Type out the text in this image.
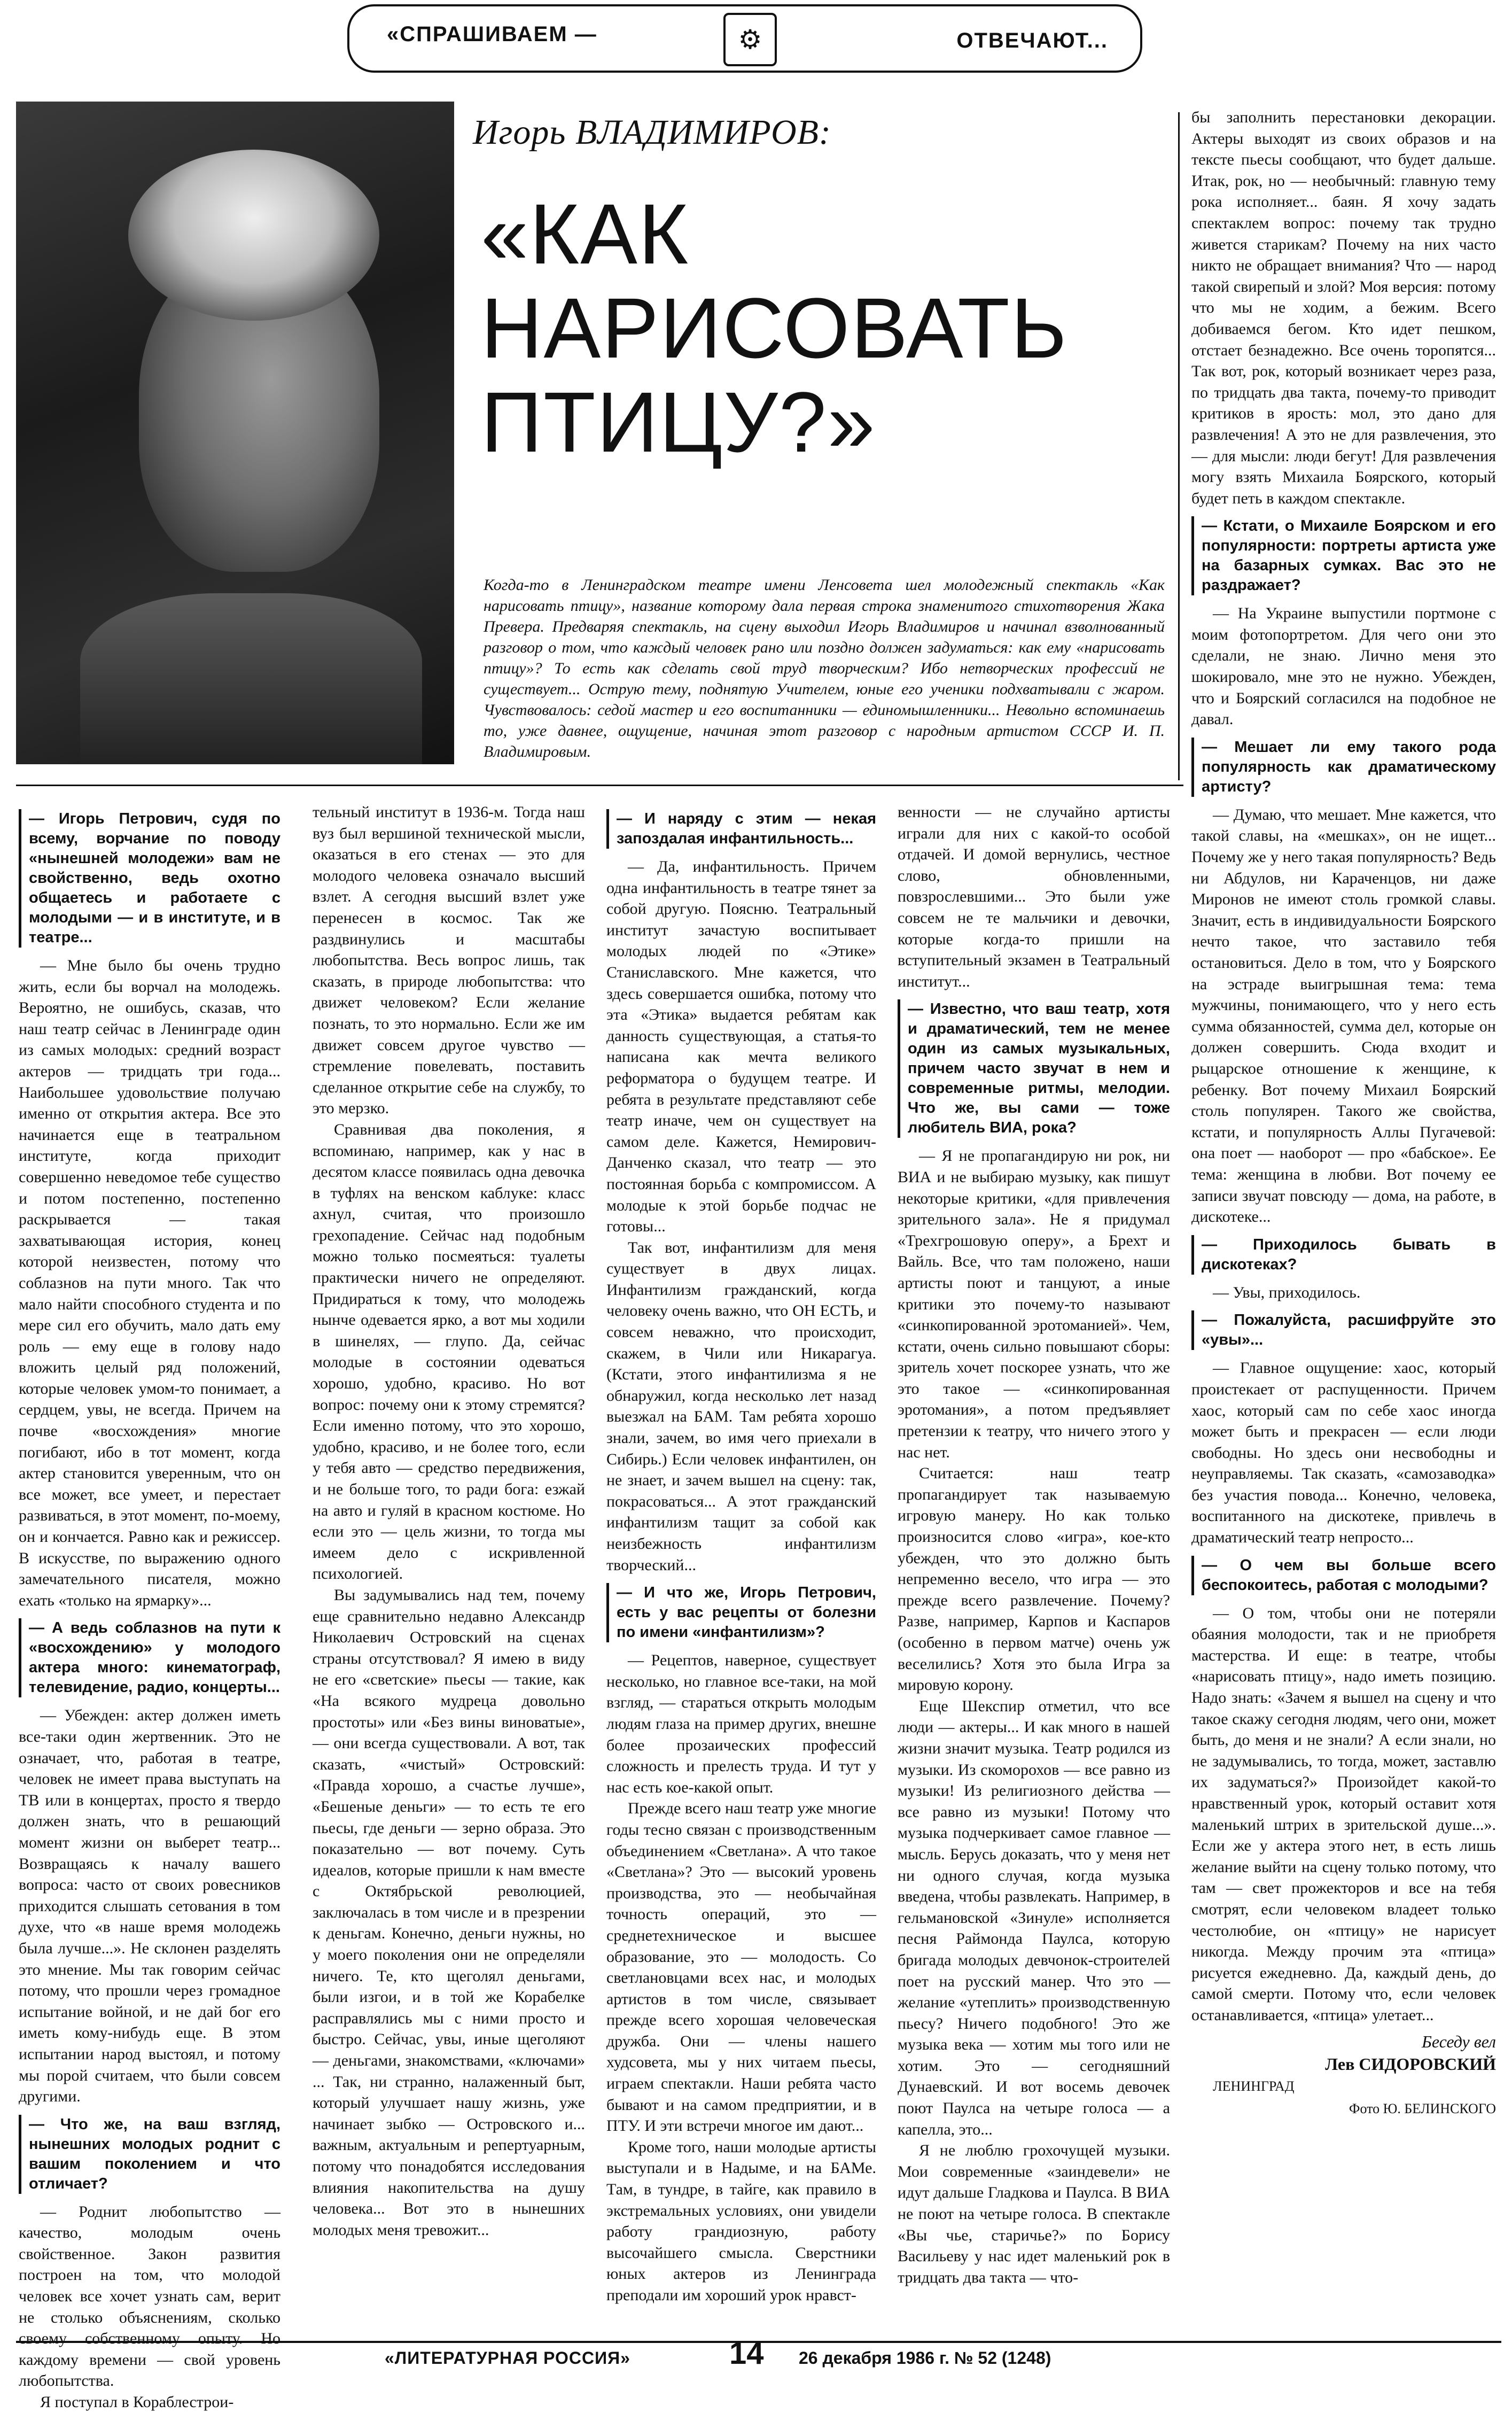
«СПРАШИВАЕМ —	⚙	ОТВЕЧАЮТ...
Игорь ВЛАДИМИРОВ:
«КАК
НАРИСОВАТЬ
ПТИЦУ?»
Когда-то в Ленинградском театре имени Ленсовета шел молодежный спектакль «Как нарисовать птицу», название которому дала первая строка знаменитого стихотворения Жака Превера. Предваряя спектакль, на сцену выходил Игорь Владимиров и начинал взволнованный разговор о том, что каждый человек рано или поздно должен задуматься: как ему «нарисовать птицу»? То есть как сделать свой труд творческим? Ибо нетворческих профессий не существует... Острую тему, поднятую Учителем, юные его ученики подхватывали с жаром. Чувствовалось: седой мастер и его воспитанники — единомышленники... Невольно вспоминаешь то, уже давнее, ощущение, начиная этот разговор с народным артистом СССР И. П. Владимировым.
— Игорь Петрович, судя по всему, ворчание по поводу «нынешней молодежи» вам не свойственно, ведь охотно общаетесь и работаете с молодыми — и в институте, и в театре...

— Мне было бы очень трудно жить, если бы ворчал на молодежь. Вероятно, не ошибусь, сказав, что наш театр сейчас в Ленинграде один из самых молодых: средний возраст актеров — тридцать три года... Наибольшее удовольствие получаю именно от открытия актера. Все это начинается еще в театральном институте, когда приходит совершенно неведомое тебе существо и потом постепенно, постепенно раскрывается — такая захватывающая история, конец которой неизвестен, потому что соблазнов на пути много. Так что мало найти способного студента и по мере сил его обучить, мало дать ему роль — ему еще в голову надо вложить целый ряд положений, которые человек умом-то понимает, а сердцем, увы, не всегда. Причем на почве «восхождения» многие погибают, ибо в тот момент, когда актер становится уверенным, что он все может, все умеет, и перестает развиваться, в этот момент, по-моему, он и кончается. Равно как и режиссер. В искусстве, по выражению одного замечательного писателя, можно ехать «только на ярмарку»...

— А ведь соблазнов на пути к «восхождению» у молодого актера много: кинематограф, телевидение, радио, концерты...

— Убежден: актер должен иметь все-таки один жертвенник. Это не означает, что, работая в театре, человек не имеет права выступать на ТВ или в концертах, просто я твердо должен знать, что в решающий момент жизни он выберет театр... Возвращаясь к началу вашего вопроса: часто от своих ровесников приходится слышать сетования в том духе, что «в наше время молодежь была лучше...». Не склонен разделять это мнение. Мы так говорим сейчас потому, что прошли через громадное испытание войной, и не дай бог его иметь кому-нибудь еще. В этом испытании народ выстоял, и потому мы порой считаем, что были совсем другими.

— Что же, на ваш взгляд, нынешних молодых роднит с вашим поколением и что отличает?

— Роднит любопытство — качество, молодым очень свойственное. Закон развития построен на том, что молодой человек все хочет узнать сам, верит не столько объяснениям, сколько своему собственному опыту. Но каждому времени — свой уровень любопытства.

Я поступал в Кораблестрои-

тельный институт в 1936-м. Тогда наш вуз был вершиной технической мысли, оказаться в его стенах — это для молодого человека означало высший взлет. А сегодня высший взлет уже перенесен в космос. Так же раздвинулись и масштабы любопытства. Весь вопрос лишь, так сказать, в природе любопытства: что движет человеком? Если желание познать, то это нормально. Если же им движет совсем другое чувство — стремление повелевать, поставить сделанное открытие себе на службу, то это мерзко.

Сравнивая два поколения, я вспоминаю, например, как у нас в десятом классе появилась одна девочка в туфлях на венском каблуке: класс ахнул, считая, что произошло грехопадение. Сейчас над подобным можно только посмеяться: туалеты практически ничего не определяют. Придираться к тому, что молодежь нынче одевается ярко, а вот мы ходили в шинелях, — глупо. Да, сейчас молодые в состоянии одеваться хорошо, удобно, красиво. Но вот вопрос: почему они к этому стремятся? Если именно потому, что это хорошо, удобно, красиво, и не более того, если у тебя авто — средство передвижения, и не больше того, то ради бога: езжай на авто и гуляй в красном костюме. Но если это — цель жизни, то тогда мы имеем дело с искривленной психологией.

Вы задумывались над тем, почему еще сравнительно недавно Александр Николаевич Островский на сценах страны отсутствовал? Я имею в виду не его «светские» пьесы — такие, как «На всякого мудреца довольно простоты» или «Без вины виноватые», — они всегда существовали. А вот, так сказать, «чистый» Островский: «Правда хорошо, а счастье лучше», «Бешеные деньги» — то есть те его пьесы, где деньги — зерно образа. Это показательно — вот почему. Суть идеалов, которые пришли к нам вместе с Октябрьской революцией, заключалась в том числе и в презрении к деньгам. Конечно, деньги нужны, но у моего поколения они не определяли ничего. Те, кто щеголял деньгами, были изгои, и в той же Корабелке расправлялись мы с ними просто и быстро. Сейчас, увы, иные щеголяют — деньгами, знакомствами, «ключами» ... Так, ни странно, налаженный быт, который улучшает нашу жизнь, уже начинает зыбко — Островского и... важным, актуальным и репертуарным, потому что понадобятся исследования влияния накопительства на душу человека... Вот это в нынешних молодых меня тревожит...

— И наряду с этим — некая запоздалая инфантильность...

— Да, инфантильность. Причем одна инфантильность в театре тянет за собой другую. Поясню. Театральный институт зачастую воспитывает молодых людей по «Этике» Станиславского. Мне кажется, что здесь совершается ошибка, потому что эта «Этика» выдается ребятам как данность существующая, а статья-то написана как мечта великого реформатора о будущем театре. И ребята в результате представляют себе театр иначе, чем он существует на самом деле. Кажется, Немирович-Данченко сказал, что театр — это постоянная борьба с компромиссом. А молодые к этой борьбе подчас не готовы...

Так вот, инфантилизм для меня существует в двух лицах. Инфантилизм гражданский, когда человеку очень важно, что ОН ЕСТЬ, и совсем неважно, что происходит, скажем, в Чили или Никарагуа. (Кстати, этого инфантилизма я не обнаружил, когда несколько лет назад выезжал на БАМ. Там ребята хорошо знали, зачем, во имя чего приехали в Сибирь.) Если человек инфантилен, он не знает, и зачем вышел на сцену: так, покрасоваться... А этот гражданский инфантилизм тащит за собой как неизбежность инфантилизм творческий...

— И что же, Игорь Петрович, есть у вас рецепты от болезни по имени «инфантилизм»?

— Рецептов, наверное, существует несколько, но главное все-таки, на мой взгляд, — стараться открыть молодым людям глаза на пример других, внешне более прозаических профессий сложность и прелесть труда. И тут у нас есть кое-какой опыт.

Прежде всего наш театр уже многие годы тесно связан с производственным объединением «Светлана». А что такое «Светлана»? Это — высокий уровень производства, это — необычайная точность операций, это — среднетехническое и высшее образование, это — молодость. Со светлановцами всех нас, и молодых артистов в том числе, связывает прежде всего хорошая человеческая дружба. Они — члены нашего худсовета, мы у них читаем пьесы, играем спектакли. Наши ребята часто бывают и на самом предприятии, и в ПТУ. И эти встречи многое им дают...

Кроме того, наши молодые артисты выступали и в Надыме, и на БАМе. Там, в тундре, в тайге, как правило в экстремальных условиях, они увидели работу грандиозную, работу высочайшего смысла. Сверстники юных актеров из Ленинграда преподали им хороший урок нравст-

венности — не случайно артисты играли для них с какой-то особой отдачей. И домой вернулись, честное слово, обновленными, повзрослевшими... Это были уже совсем не те мальчики и девочки, которые когда-то пришли на вступительный экзамен в Театральный институт...

— Известно, что ваш театр, хотя и драматический, тем не менее один из самых музыкальных, причем часто звучат в нем и современные ритмы, мелодии. Что же, вы сами — тоже любитель ВИА, рока?

— Я не пропагандирую ни рок, ни ВИА и не выбираю музыку, как пишут некоторые критики, «для привлечения зрительного зала». Не я придумал «Трехгрошовую оперу», а Брехт и Вайль. Все, что там положено, наши артисты поют и танцуют, а иные критики это почему-то называют «синкопированной эротоманией». Чем, кстати, очень сильно повышают сборы: зритель хочет поскорее узнать, что же это такое — «синкопированная эротомания», а потом предъявляет претензии к театру, что ничего этого у нас нет.

Считается: наш театр пропагандирует так называемую игровую манеру. Но как только произносится слово «игра», кое-кто убежден, что это должно быть непременно весело, что игра — это прежде всего развлечение. Почему? Разве, например, Карпов и Каспаров (особенно в первом матче) очень уж веселились? Хотя это была Игра за мировую корону.

Еще Шекспир отметил, что все люди — актеры... И как много в нашей жизни значит музыка. Театр родился из музыки. Из скоморохов — все равно из музыки! Из религиозного действа — все равно из музыки! Потому что музыка подчеркивает самое главное — мысль. Берусь доказать, что у меня нет ни одного случая, когда музыка введена, чтобы развлекать. Например, в гельмановской «Зинуле» исполняется песня Раймонда Паулса, которую бригада молодых девчонок-строителей поет на русский манер. Что это — желание «утеплить» производственную пьесу? Ничего подобного! Это же музыка века — хотим мы того или не хотим. Это — сегодняшний Дунаевский. И вот восемь девочек поют Паулса на четыре голоса — а капелла, это...

Я не люблю грохочущей музыки. Мои современные «заиндевели» не идут дальше Гладкова и Паулса. В ВИА не поют на четыре голоса. В спектакле «Вы чье, старичье?» по Борису Васильеву у нас идет маленький рок в тридцать два такта — что-

бы заполнить перестановки декорации. Актеры выходят из своих образов и на тексте пьесы сообщают, что будет дальше. Итак, рок, но — необычный: главную тему рока исполняет... баян. Я хочу задать спектаклем вопрос: почему так трудно живется старикам? Почему на них часто никто не обращает внимания? Что — народ такой свирепый и злой? Моя версия: потому что мы не ходим, а бежим. Всего добиваемся бегом. Кто идет пешком, отстает безнадежно. Все очень торопятся... Так вот, рок, который возникает через раза, по тридцать два такта, почему-то приводит критиков в ярость: мол, это дано для развлечения! А это не для развлечения, это — для мысли: люди бегут! Для развлечения могу взять Михаила Боярского, который будет петь в каждом спектакле.

— Кстати, о Михаиле Боярском и его популярности: портреты артиста уже на базарных сумках. Вас это не раздражает?

— На Украине выпустили портмоне с моим фотопортретом. Для чего они это сделали, не знаю. Лично меня это шокировало, мне это не нужно. Убежден, что и Боярский согласился на подобное не давал.

— Мешает ли ему такого рода популярность как драматическому артисту?

— Думаю, что мешает. Мне кажется, что такой славы, на «мешках», он не ищет... Почему же у него такая популярность? Ведь ни Абдулов, ни Караченцов, ни даже Миронов не имеют столь громкой славы. Значит, есть в индивидуальности Боярского нечто такое, что заставило тебя остановиться. Дело в том, что у Боярского на эстраде выигрышная тема: тема мужчины, понимающего, что у него есть сумма обязанностей, сумма дел, которые он должен совершить. Сюда входит и рыцарское отношение к женщине, к ребенку. Вот почему Михаил Боярский столь популярен. Такого же свойства, кстати, и популярность Аллы Пугачевой: она поет — наоборот — про «бабское». Ее тема: женщина в любви. Вот почему ее записи звучат повсюду — дома, на работе, в дискотеке...

— Приходилось бывать в дискотеках?

— Увы, приходилось.

— Пожалуйста, расшифруйте это «увы»...

— Главное ощущение: хаос, который проистекает от распущенности. Причем хаос, который сам по себе хаос иногда может быть и прекрасен — если люди свободны. Но здесь они несвободны и неуправляемы. Так сказать, «самозаводка» без участия повода... Конечно, человека, воспитанного на дискотеке, привлечь в драматический театр непросто...

— О чем вы больше всего беспокоитесь, работая с молодыми?

— О том, чтобы они не потеряли обаяния молодости, так и не приобретя мастерства. И еще: в театре, чтобы «нарисовать птицу», надо иметь позицию. Надо знать: «Зачем я вышел на сцену и что такое скажу сегодня людям, чего они, может быть, до меня и не знали? А если знали, но не задумывались, то тогда, может, заставлю их задуматься?» Произойдет какой-то нравственный урок, который оставит хотя маленький штрих в зрительской душе...». Если же у актера этого нет, в есть лишь желание выйти на сцену только потому, что там — свет прожекторов и все на тебя смотрят, если человеком владеет только честолюбие, он «птицу» не нарисует никогда. Между прочим эта «птица» рисуется ежедневно. Да, каждый день, до самой смерти. Потому что, если человек останавливается, «птица» улетает...

Беседу вел
Лев СИДОРОВСКИЙ
ЛЕНИНГРАД
Фото Ю. БЕЛИНСКОГО
«ЛИТЕРАТУРНАЯ РОССИЯ»	14 26 декабря 1986 г. № 52 (1248)
